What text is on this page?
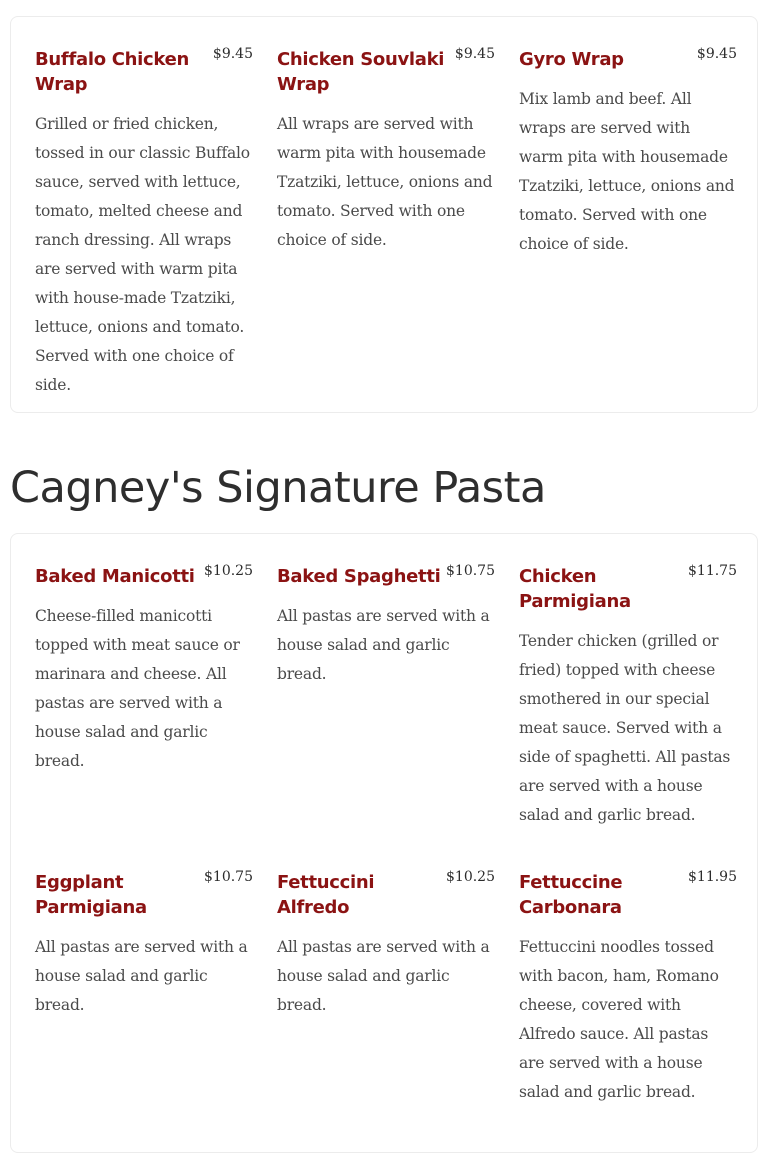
Buffalo Chicken Wrap
$9.45

Grilled or fried chicken, tossed in our classic Buffalo sauce, served with lettuce, tomato, melted cheese and ranch dressing. All wraps are served with warm pita with house-made Tzatziki, lettuce, onions and tomato. Served with one choice of side.

Chicken Souvlaki Wrap
$9.45

All wraps are served with warm pita with housemade Tzatziki, lettuce, onions and tomato. Served with one choice of side.

Gyro Wrap	$9.45

Mix lamb and beef. All wraps are served with warm pita with housemade Tzatziki, lettuce, onions and tomato. Served with one choice of side.

Cagney's Signature Pasta
Baked Manicotti $10.25

Cheese-filled manicotti topped with meat sauce or marinara and cheese. All pastas are served with a house salad and garlic bread.

Baked Spaghetti $10.75

All pastas are served with a house salad and garlic bread.

Chicken Parmigiana
$11.75

Tender chicken (grilled or fried) topped with cheese smothered in our special meat sauce. Served with a side of spaghetti. All pastas are served with a house salad and garlic bread.

Eggplant Parmigiana
$10.75

All pastas are served with a house salad and garlic bread.

Fettuccini Alfredo
$10.25

All pastas are served with a house salad and garlic bread.

Fettuccine Carbonara
$11.95

Fettuccini noodles tossed with bacon, ham, Romano cheese, covered with Alfredo sauce. All pastas are served with a house salad and garlic bread.
